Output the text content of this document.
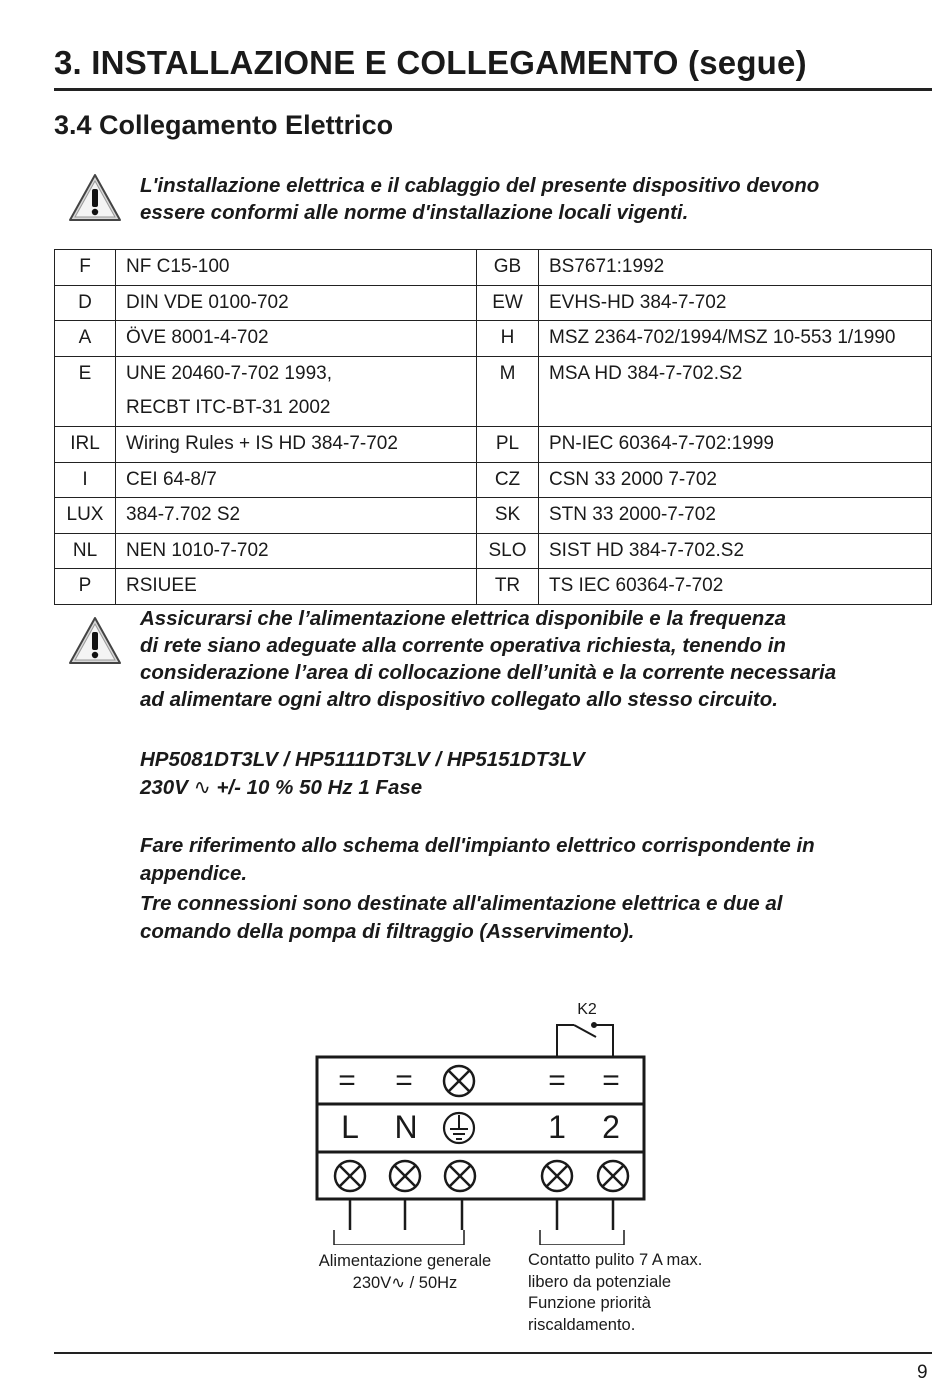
3. INSTALLAZIONE E COLLEGAMENTO (segue)
3.4 Collegamento Elettrico
L'installazione elettrica e il cablaggio del presente dispositivo devono
essere conformi alle norme d'installazione locali vigenti.
F	NF C15-100	GB	BS7671:1992

D	DIN VDE 0100-702	EW	EVHS-HD 384-7-702

A	ÖVE 8001-4-702	H	MSZ 2364-702/1994/MSZ 10-553 1/1990

E	UNE 20460-7-702 1993,
RECBT ITC-BT-31 2002	M	MSA HD 384-7-702.S2

IRL	Wiring Rules + IS HD 384-7-702	PL	PN-IEC 60364-7-702:1999

I	CEI 64-8/7	CZ	CSN 33 2000 7-702

LUX	384-7.702 S2	SK	STN 33 2000-7-702

NL	NEN 1010-7-702	SLO	SIST HD 384-7-702.S2

P	RSIUEE	TR	TS IEC 60364-7-702
Assicurarsi che l’alimentazione elettrica disponibile e la frequenza
di rete siano adeguate alla corrente operativa richiesta, tenendo in
considerazione l’area di collocazione dell’unità e la corrente necessaria
ad alimentare ogni altro dispositivo collegato allo stesso circuito.
HP5081DT3LV / HP5111DT3LV / HP5151DT3LV
230V ∿ +/- 10 % 50 Hz 1 Fase
Fare riferimento allo schema dell'impianto elettrico corrispondente in
appendice.
Tre connessioni sono destinate all'alimentazione elettrica e due al
comando della pompa di filtraggio (Asservimento).
K2
= =	= =
L N	1 2
Alimentazione generale
230V∿ / 50Hz
Contatto pulito 7 A max.
libero da potenziale
Funzione priorità
riscaldamento.
9
